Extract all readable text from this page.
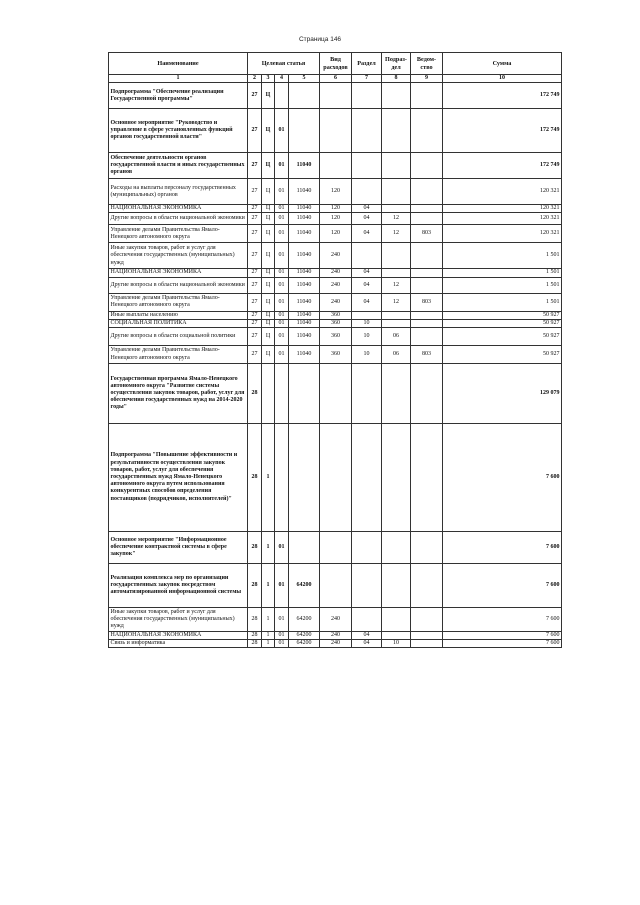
Страница 146
Наименование	Целевая статья				Вид расходов	Раздел	Подраз-дел	Ведом-ство	Сумма
1	2	3	4	5	6	7	8	9	10
Подпрограмма "Обеспечение реализации Государственной программы"	27	Ц							172 749
Основное мероприятие "Руководство и управление в сфере установленных функций органов государственной власти"	27	Ц	01						172 749
Обеспечение деятельности органов государственной власти и иных государственных органов	27	Ц	01	11040					172 749
Расходы на выплаты персоналу государственных (муниципальных) органов	27	Ц	01	11040	120				120 321
НАЦИОНАЛЬНАЯ ЭКОНОМИКА	27	Ц	01	11040	120	04			120 321
Другие вопросы в области национальной экономики	27	Ц	01	11040	120	04	12		120 321
Управление делами Правительства Ямало-Ненецкого автономного округа	27	Ц	01	11040	120	04	12	803	120 321
Иные закупки товаров, работ и услуг для обеспечения государственных (муниципальных) нужд	27	Ц	01	11040	240				1 501
НАЦИОНАЛЬНАЯ ЭКОНОМИКА	27	Ц	01	11040	240	04			1 501
Другие вопросы в области национальной экономики	27	Ц	01	11040	240	04	12		1 501
Управление делами Правительства Ямало-Ненецкого автономного округа	27	Ц	01	11040	240	04	12	803	1 501
Иные выплаты населению	27	Ц	01	11040	360				50 927
СОЦИАЛЬНАЯ ПОЛИТИКА	27	Ц	01	11040	360	10			50 927
Другие вопросы в области социальной политики	27	Ц	01	11040	360	10	06		50 927
Управление делами Правительства Ямало-Ненецкого автономного округа	27	Ц	01	11040	360	10	06	803	50 927
Государственная программа Ямало-Ненецкого автономного округа "Развитие системы осуществления закупок товаров, работ, услуг для обеспечения государственных нужд на 2014-2020 годы"	28								129 079
Подпрограмма "Повышение эффективности и результативности осуществления закупок товаров, работ, услуг для обеспечения государственных нужд Ямало-Ненецкого автономного округа путем использования конкурентных способов определения поставщиков (подрядчиков, исполнителей)"	28	1							7 600
Основное мероприятие "Информационное обеспечение контрактной системы в сфере закупок"	28	1	01						7 600
Реализация комплекса мер по организации государственных закупок посредством автоматизированной информационной системы	28	1	01	64200					7 600
Иные закупки товаров, работ и услуг для обеспечения государственных (муниципальных) нужд	28	1	01	64200	240				7 600
НАЦИОНАЛЬНАЯ ЭКОНОМИКА	28	1	01	64200	240	04			7 600
Связь и информатика	28	1	01	64200	240	04	10		7 600
